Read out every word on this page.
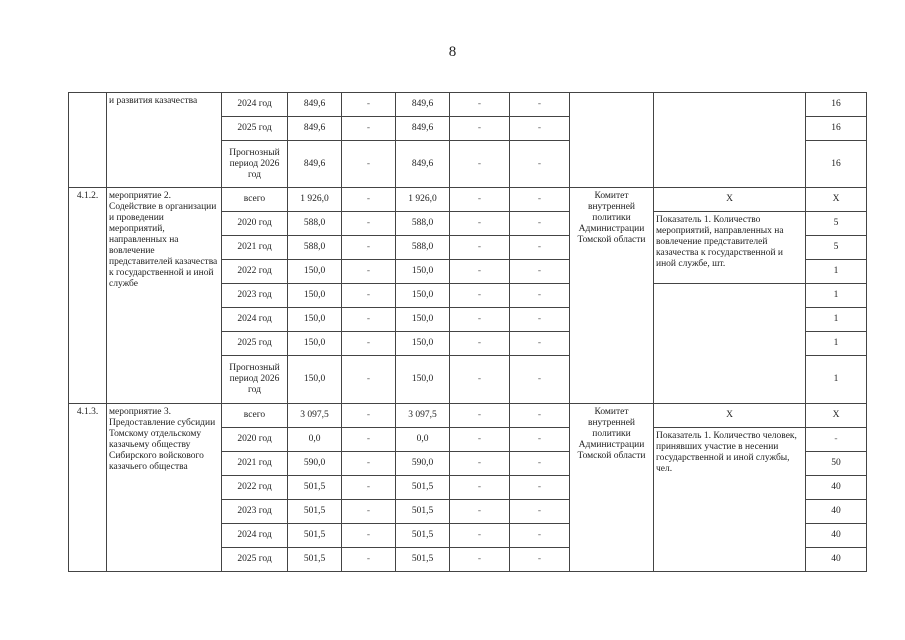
8
	и развития казачества	2024 год	849,6	-	849,6	-	-			16
		2025 год	849,6	-	849,6	-	-			16
		Прогнозный период 2026 год	849,6	-	849,6	-	-			16
4.1.2.	мероприятие 2. Содействие в организации и проведении мероприятий, направленных на вовлечение представителей казачества к государственной и иной службе	всего	1 926,0	-	1 926,0	-	-	Комитет внутренней политики Администрации Томской области	Х	Х
		2020 год	588,0	-	588,0	-	-		Показатель 1. Количество мероприятий, направленных на вовлечение представителей казачества к государственной и иной службе, шт.	5
		2021 год	588,0	-	588,0	-	-			5
		2022 год	150,0	-	150,0	-	-			1
		2023 год	150,0	-	150,0	-	-			1
		2024 год	150,0	-	150,0	-	-			1
		2025 год	150,0	-	150,0	-	-			1
		Прогнозный период 2026 год	150,0	-	150,0	-	-			1
4.1.3.	мероприятие 3. Предоставление субсидии Томскому отдельскому казачьему обществу Сибирского войскового казачьего общества	всего	3 097,5	-	3 097,5	-	-	Комитет внутренней политики Администрации Томской области	Х	Х
		2020 год	0,0	-	0,0	-	-		Показатель 1. Количество человек, принявших участие в несении государственной и иной службы, чел.	-
		2021 год	590,0	-	590,0	-	-			50
		2022 год	501,5	-	501,5	-	-			40
		2023 год	501,5	-	501,5	-	-			40
		2024 год	501,5	-	501,5	-	-			40
		2025 год	501,5	-	501,5	-	-			40
